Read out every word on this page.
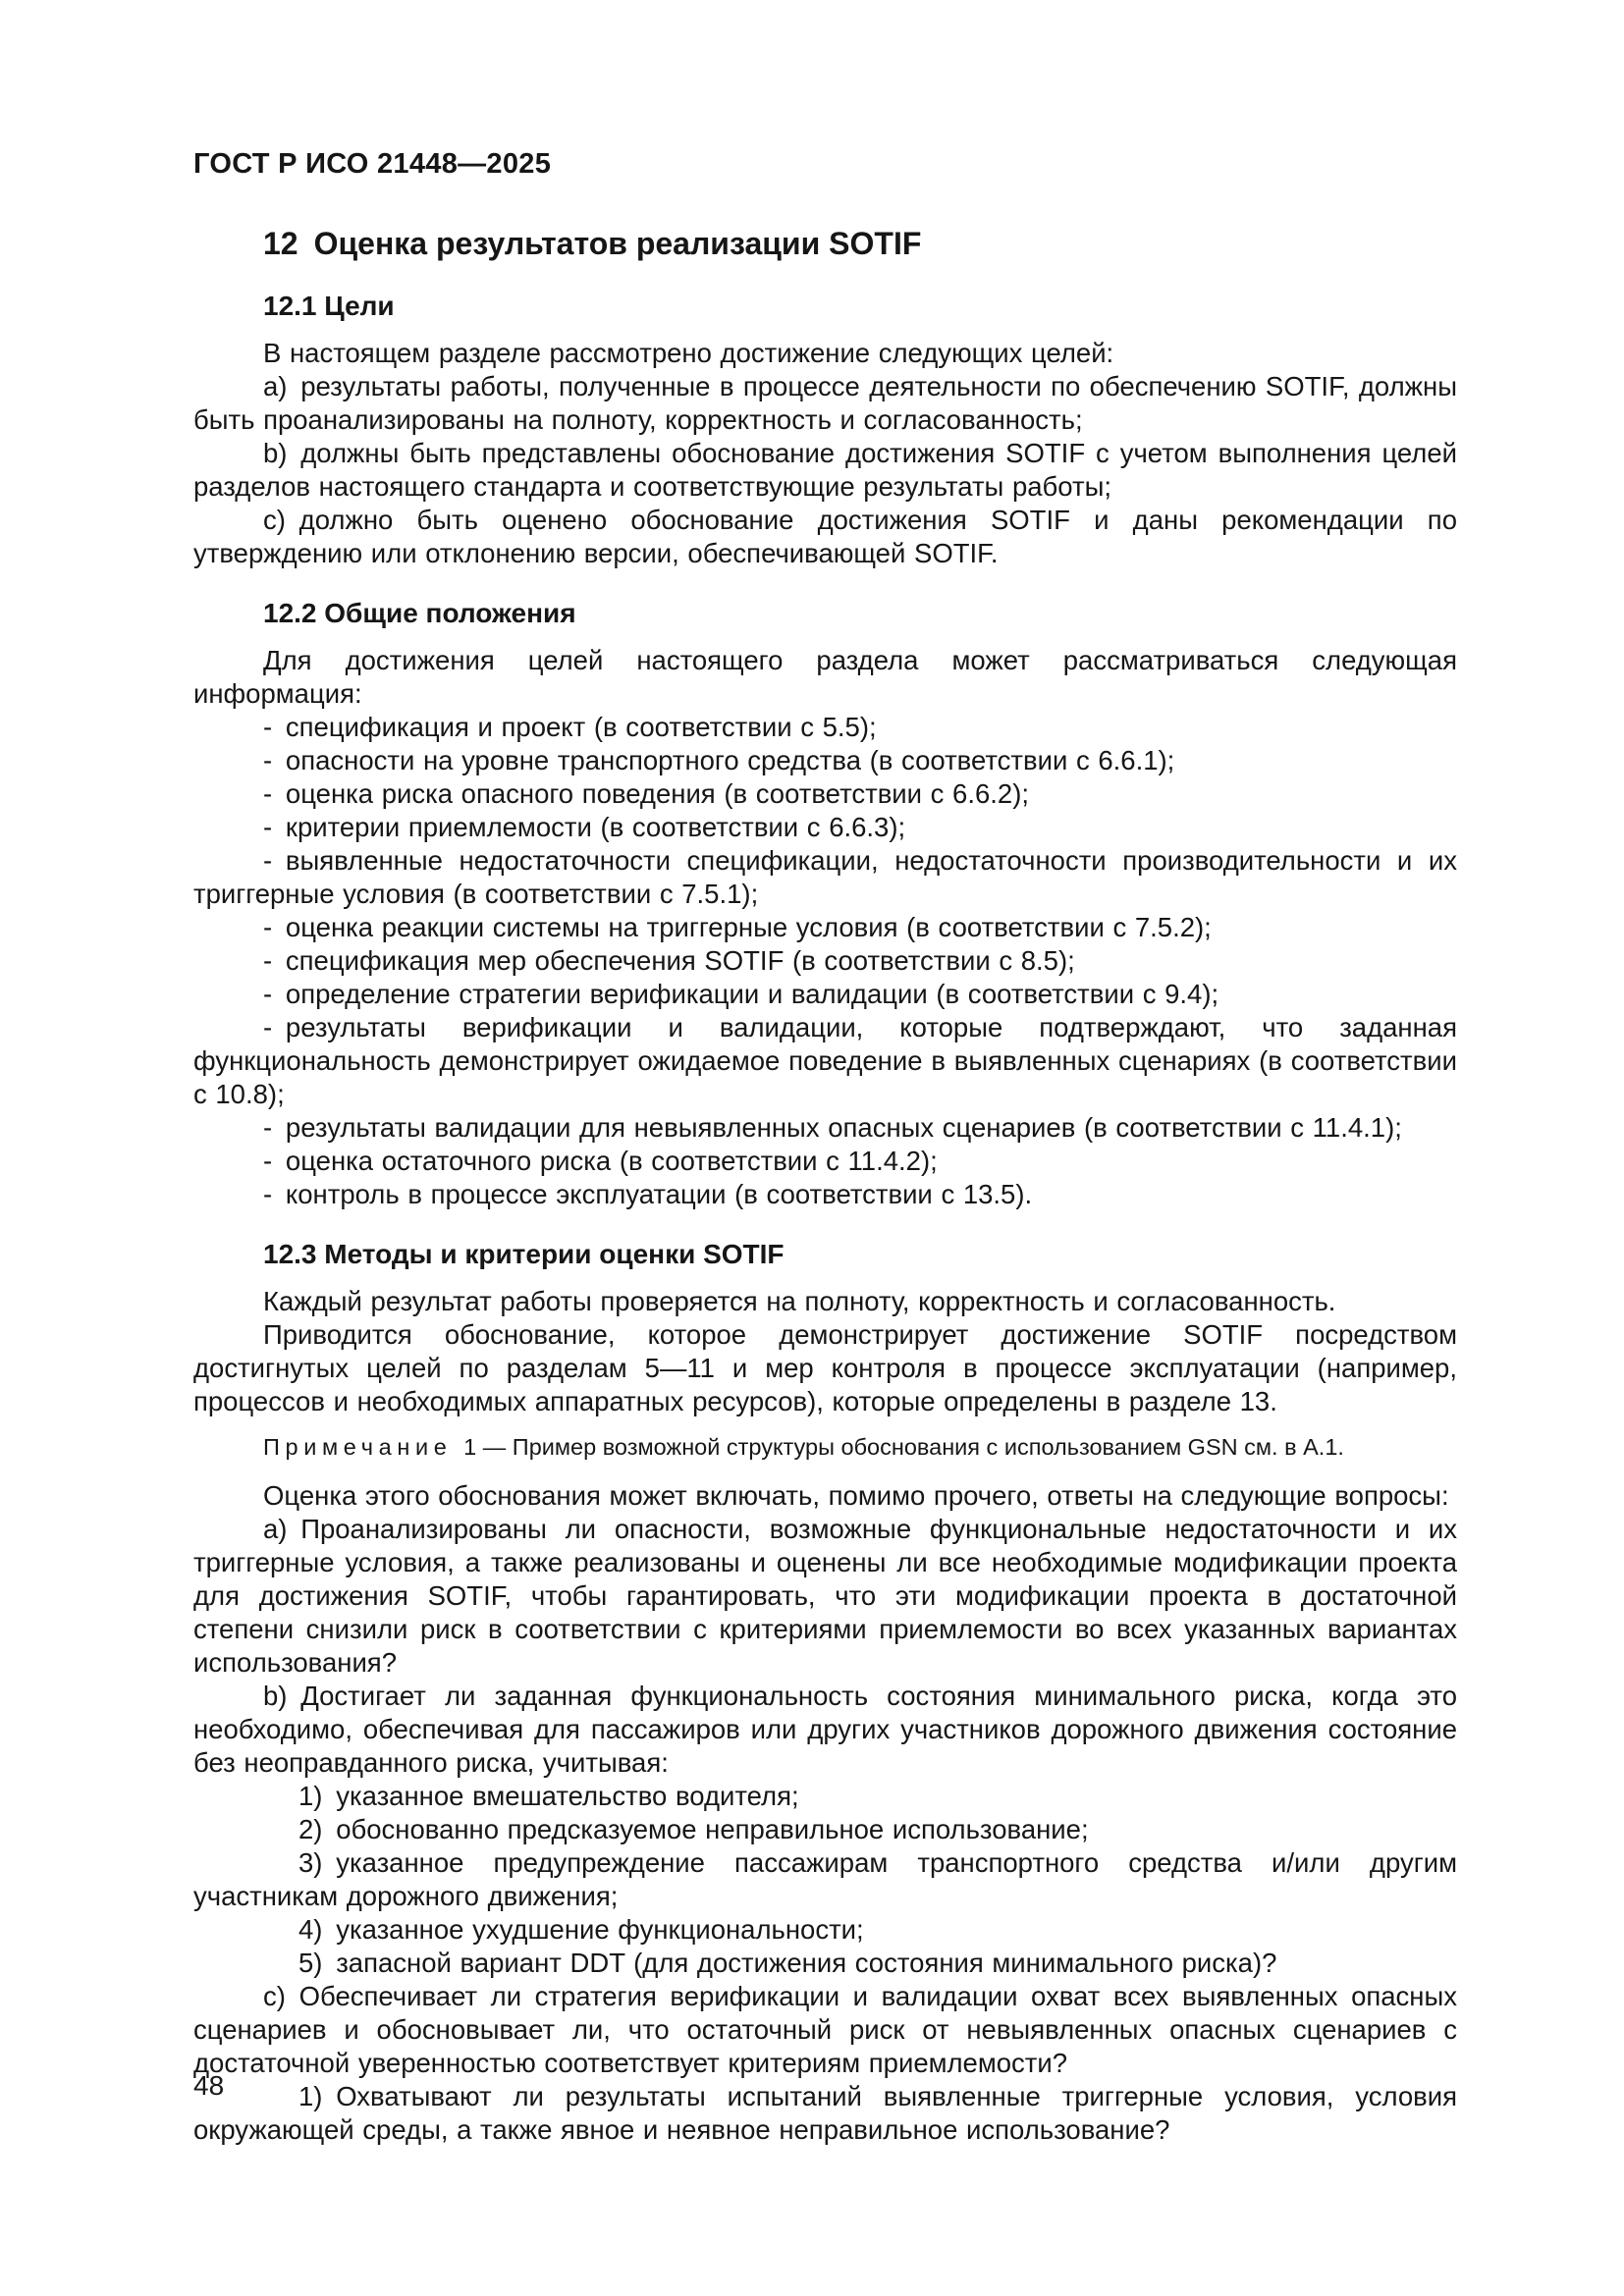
ГОСТ Р ИСО 21448—2025
12 Оценка результатов реализации SOTIF
12.1 Цели

В настоящем разделе рассмотрено достижение следующих целей:

a) результаты работы, полученные в процессе деятельности по обеспечению SOTIF, должны быть проанализированы на полноту, корректность и согласованность;

b) должны быть представлены обоснование достижения SOTIF с учетом выполнения целей разделов настоящего стандарта и соответствующие результаты работы;

c) должно быть оценено обоснование достижения SOTIF и даны рекомендации по утверждению или отклонению версии, обеспечивающей SOTIF.

12.2 Общие положения

Для достижения целей настоящего раздела может рассматриваться следующая информация:

- спецификация и проект (в соответствии с 5.5);

- опасности на уровне транспортного средства (в соответствии с 6.6.1);

- оценка риска опасного поведения (в соответствии с 6.6.2);

- критерии приемлемости (в соответствии с 6.6.3);

- выявленные недостаточности спецификации, недостаточности производительности и их триггерные условия (в соответствии с 7.5.1);

- оценка реакции системы на триггерные условия (в соответствии с 7.5.2);

- спецификация мер обеспечения SOTIF (в соответствии с 8.5);

- определение стратегии верификации и валидации (в соответствии с 9.4);

- результаты верификации и валидации, которые подтверждают, что заданная функциональность демонстрирует ожидаемое поведение в выявленных сценариях (в соответствии с 10.8);

- результаты валидации для невыявленных опасных сценариев (в соответствии с 11.4.1);

- оценка остаточного риска (в соответствии с 11.4.2);

- контроль в процессе эксплуатации (в соответствии с 13.5).

12.3 Методы и критерии оценки SOTIF

Каждый результат работы проверяется на полноту, корректность и согласованность.

Приводится обоснование, которое демонстрирует достижение SOTIF посредством достигнутых целей по разделам 5—11 и мер контроля в процессе эксплуатации (например, процессов и необходимых аппаратных ресурсов), которые определены в разделе 13.

Примечание 1 — Пример возможной структуры обоснования с использованием GSN см. в А.1.

Оценка этого обоснования может включать, помимо прочего, ответы на следующие вопросы:

a) Проанализированы ли опасности, возможные функциональные недостаточности и их триггерные условия, а также реализованы и оценены ли все необходимые модификации проекта для достижения SOTIF, чтобы гарантировать, что эти модификации проекта в достаточной степени снизили риск в соответствии с критериями приемлемости во всех указанных вариантах использования?

b) Достигает ли заданная функциональность состояния минимального риска, когда это необходимо, обеспечивая для пассажиров или других участников дорожного движения состояние без неоправданного риска, учитывая:

1) указанное вмешательство водителя;

2) обоснованно предсказуемое неправильное использование;

3) указанное предупреждение пассажирам транспортного средства и/или другим участникам дорожного движения;

4) указанное ухудшение функциональности;

5) запасной вариант DDT (для достижения состояния минимального риска)?

c) Обеспечивает ли стратегия верификации и валидации охват всех выявленных опасных сценариев и обосновывает ли, что остаточный риск от невыявленных опасных сценариев с достаточной уверенностью соответствует критериям приемлемости?

1) Охватывают ли результаты испытаний выявленные триггерные условия, условия окружающей среды, а также явное и неявное неправильное использование?

48
